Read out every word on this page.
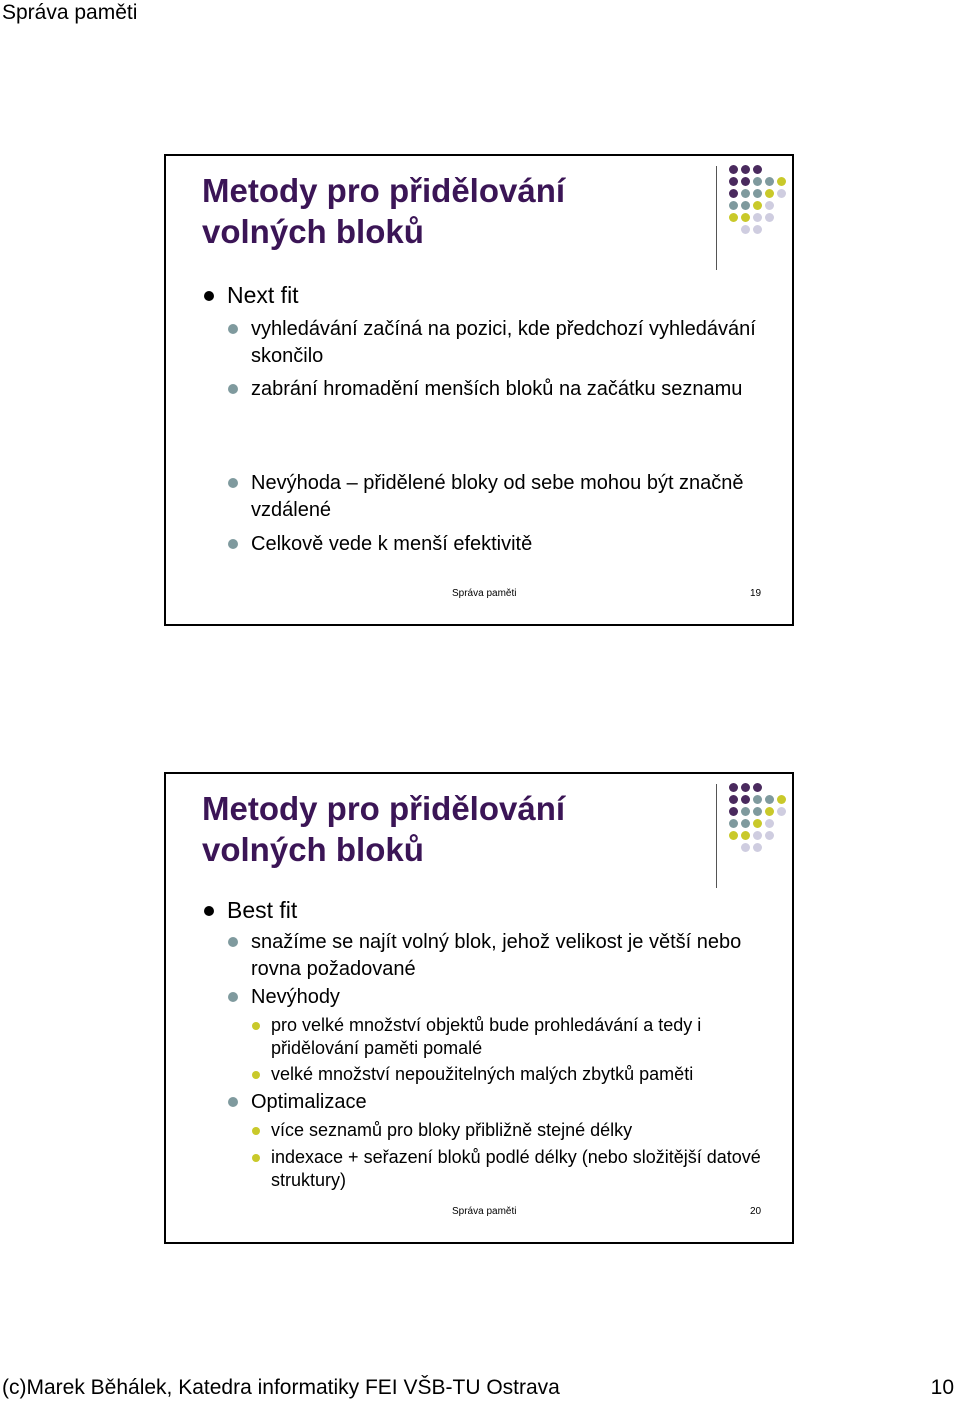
Správa paměti
Metody pro přidělování
volných bloků
Next fit
vyhledávání začíná na pozici, kde předchozí vyhledávání skončilo
zabrání hromadění menších bloků na začátku seznamu
Nevýhoda – přidělené bloky od sebe mohou být značně vzdálené
Celkově vede k menší efektivitě
Správa paměti	19
Metody pro přidělování
volných bloků
Best fit
snažíme se najít volný blok, jehož velikost je větší nebo rovna požadované
Nevýhody
pro velké množství objektů bude prohledávání a tedy i přidělování paměti pomalé
velké množství nepoužitelných malých zbytků paměti
Optimalizace
více seznamů pro bloky přibližně stejné délky
indexace + seřazení bloků podlé délky (nebo složitější datové struktury)
Správa paměti	20
(c)Marek Běhálek, Katedra informatiky FEI VŠB-TU Ostrava	10
